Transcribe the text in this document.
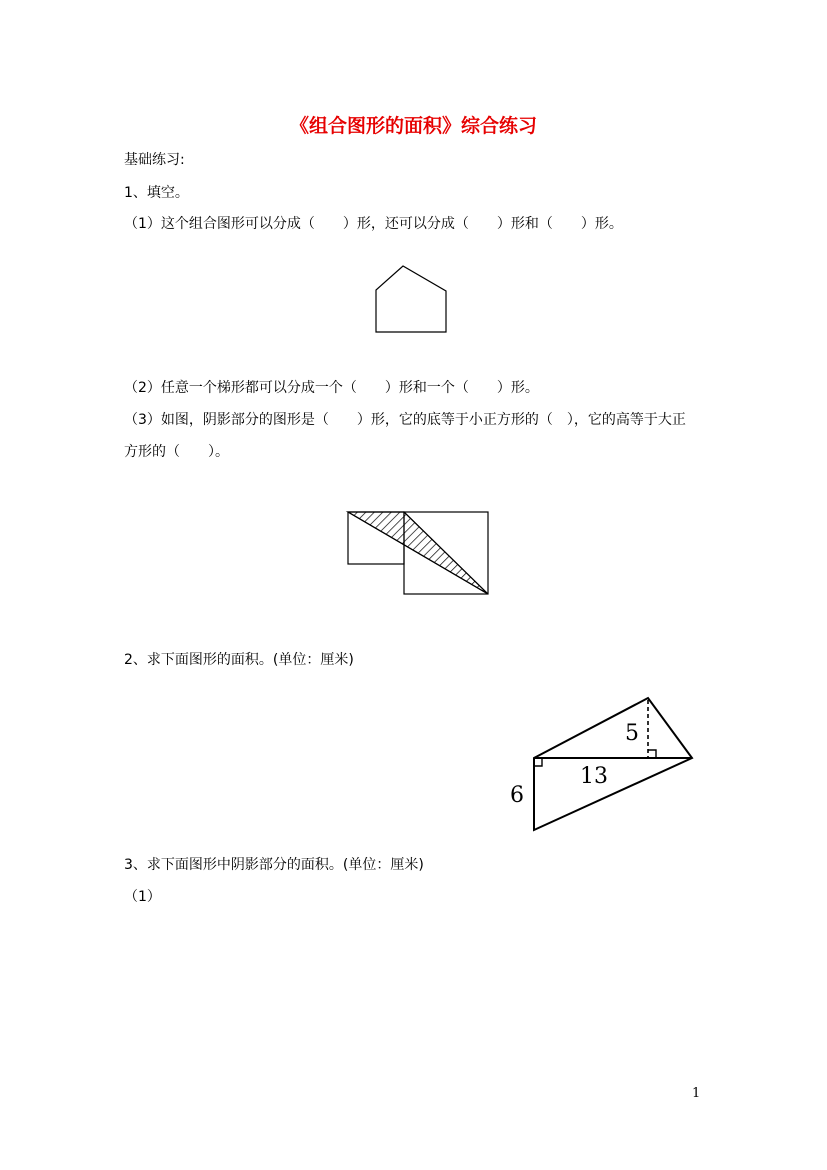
《组合图形的面积》综合练习
基础练习:
1、填空。
（1）这个组合图形可以分成（　　）形，还可以分成（　　）形和（　　）形。
（2）任意一个梯形都可以分成一个（　　）形和一个（　　）形。
（3）如图，阴影部分的图形是（　　）形，它的底等于小正方形的（　），它的高等于大正
方形的（　　）。
2、求下面图形的面积。(单位：厘米)
5
13
6
3、求下面图形中阴影部分的面积。(单位：厘米)
（1）
1
